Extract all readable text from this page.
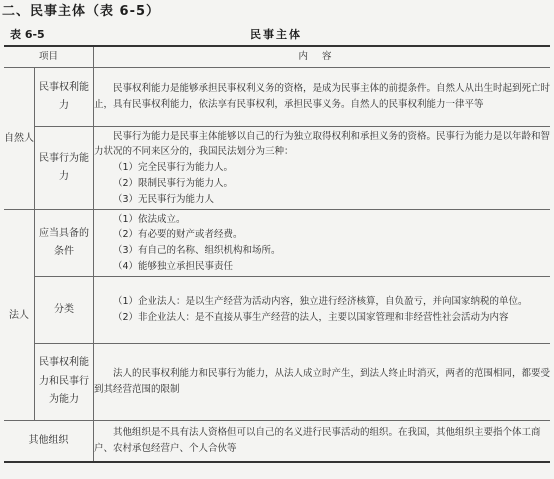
二、民事主体（表 6-5）
表 6-5	民事主体
项目		内容
自然人	民事权利能力	民事权利能力是能够承担民事权利义务的资格，是成为民事主体的前提条件。自然人从出生时起到死亡时止，具有民事权利能力，依法享有民事权利，承担民事义务。自然人的民事权利能力一律平等

	民事行为能力	民事行为能力是民事主体能够以自己的行为独立取得权利和承担义务的资格。民事行为能力是以年龄和智力状况的不同来区分的，我国民法划分为三种：

（1）完全民事行为能力人。

（2）限制民事行为能力人。

（3）无民事行为能力人

法人	应当具备的条件	（1）依法成立。

（2）有必要的财产或者经费。

（3）有自己的名称、组织机构和场所。

（4）能够独立承担民事责任

	分类	（1）企业法人：是以生产经营为活动内容，独立进行经济核算，自负盈亏，并向国家纳税的单位。

（2）非企业法人：是不直接从事生产经营的法人，主要以国家管理和非经营性社会活动为内容

	民事权利能力和民事行为能力	法人的民事权利能力和民事行为能力，从法人成立时产生，到法人终止时消灭，两者的范围相同，都要受到其经营范围的限制

其他组织		其他组织是不具有法人资格但可以自己的名义进行民事活动的组织。在我国，其他组织主要指个体工商户、农村承包经营户、个人合伙等
